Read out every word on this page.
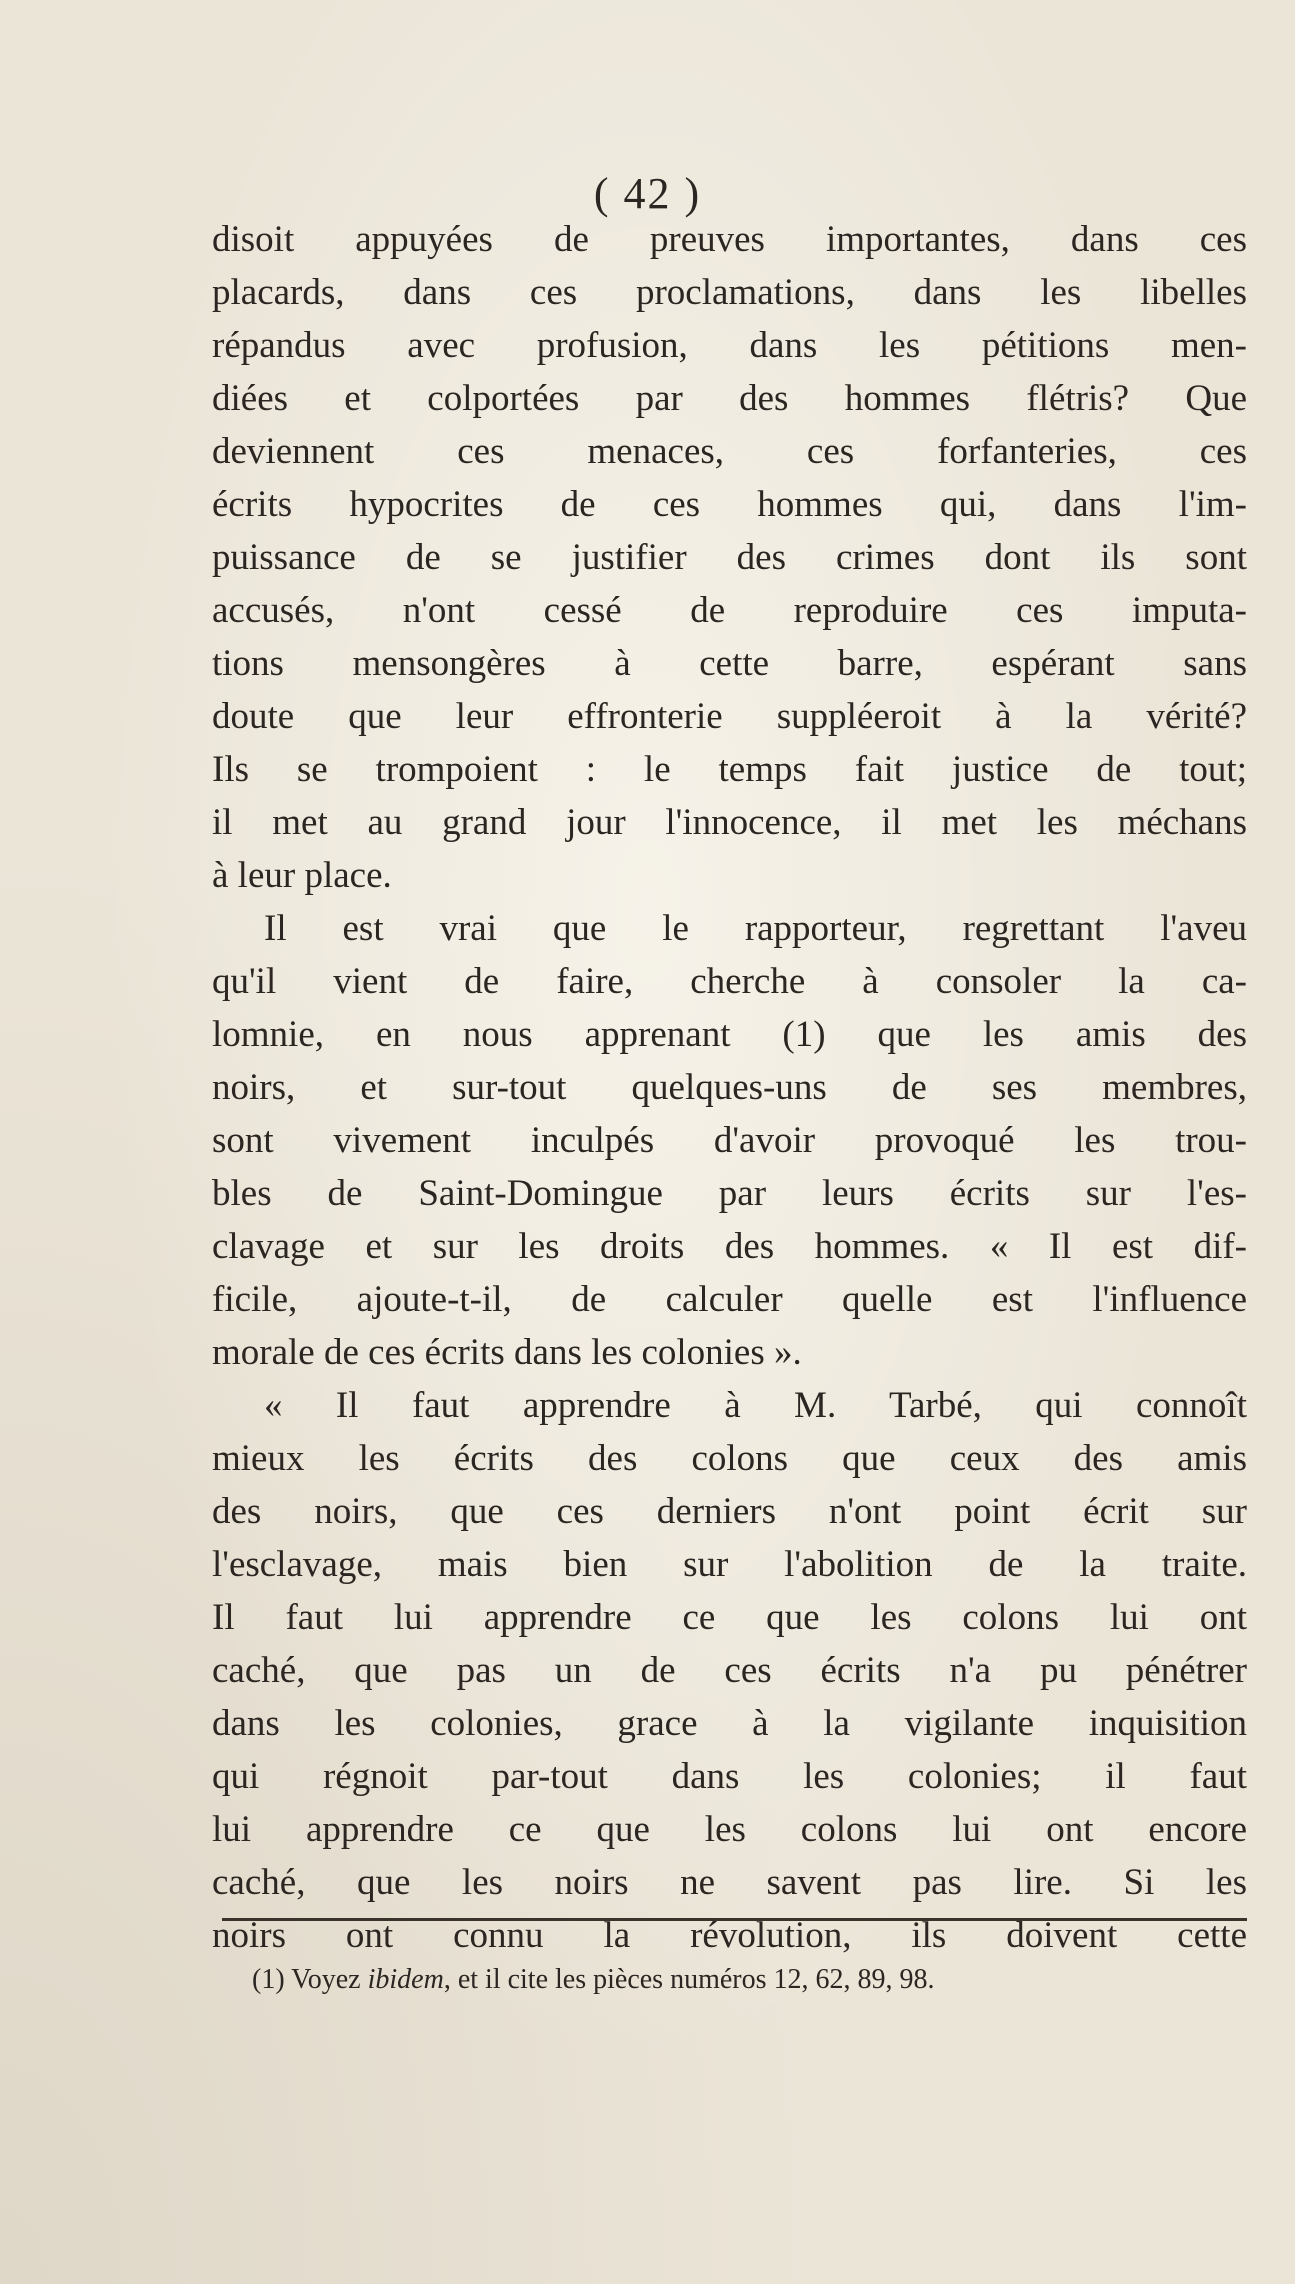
( 42 )
disoit appuyées de preuves importantes, dans ces
placards, dans ces proclamations, dans les libelles
répandus avec profusion, dans les pétitions men-
diées et colportées par des hommes flétris? Que
deviennent ces menaces, ces forfanteries, ces
écrits hypocrites de ces hommes qui, dans l'im-
puissance de se justifier des crimes dont ils sont
accusés, n'ont cessé de reproduire ces imputa-
tions mensongères à cette barre, espérant sans
doute que leur effronterie suppléeroit à la vérité?
Ils se trompoient : le temps fait justice de tout;
il met au grand jour l'innocence, il met les méchans
à leur place.
Il est vrai que le rapporteur, regrettant l'aveu
qu'il vient de faire, cherche à consoler la ca-
lomnie, en nous apprenant (1) que les amis des
noirs, et sur-tout quelques-uns de ses membres,
sont vivement inculpés d'avoir provoqué les trou-
bles de Saint-Domingue par leurs écrits sur l'es-
clavage et sur les droits des hommes. « Il est dif-
ficile, ajoute-t-il, de calculer quelle est l'influence
morale de ces écrits dans les colonies ».
« Il faut apprendre à M. Tarbé, qui connoît
mieux les écrits des colons que ceux des amis
des noirs, que ces derniers n'ont point écrit sur
l'esclavage, mais bien sur l'abolition de la traite.
Il faut lui apprendre ce que les colons lui ont
caché, que pas un de ces écrits n'a pu pénétrer
dans les colonies, grace à la vigilante inquisition
qui régnoit par-tout dans les colonies; il faut
lui apprendre ce que les colons lui ont encore
caché, que les noirs ne savent pas lire. Si les
noirs ont connu la révolution, ils doivent cette
(1) Voyez ibidem, et il cite les pièces numéros 12, 62, 89, 98.
